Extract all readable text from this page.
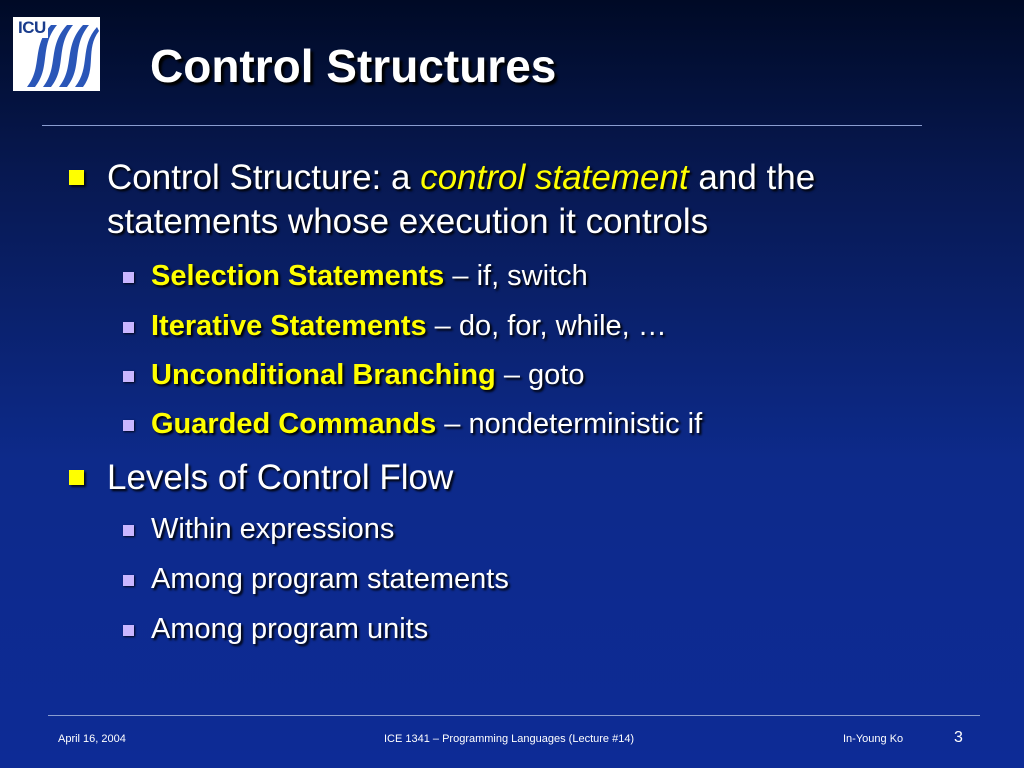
ICU
Control Structures
Control Structure: a control statement and the statements whose execution it controls
Selection Statements – if, switch
Iterative Statements – do, for, while, …
Unconditional Branching – goto
Guarded Commands – nondeterministic if
Levels of Control Flow
Within expressions
Among program statements
Among program units
April 16, 2004	ICE 1341 – Programming Languages (Lecture #14)	In-Young Ko	3
